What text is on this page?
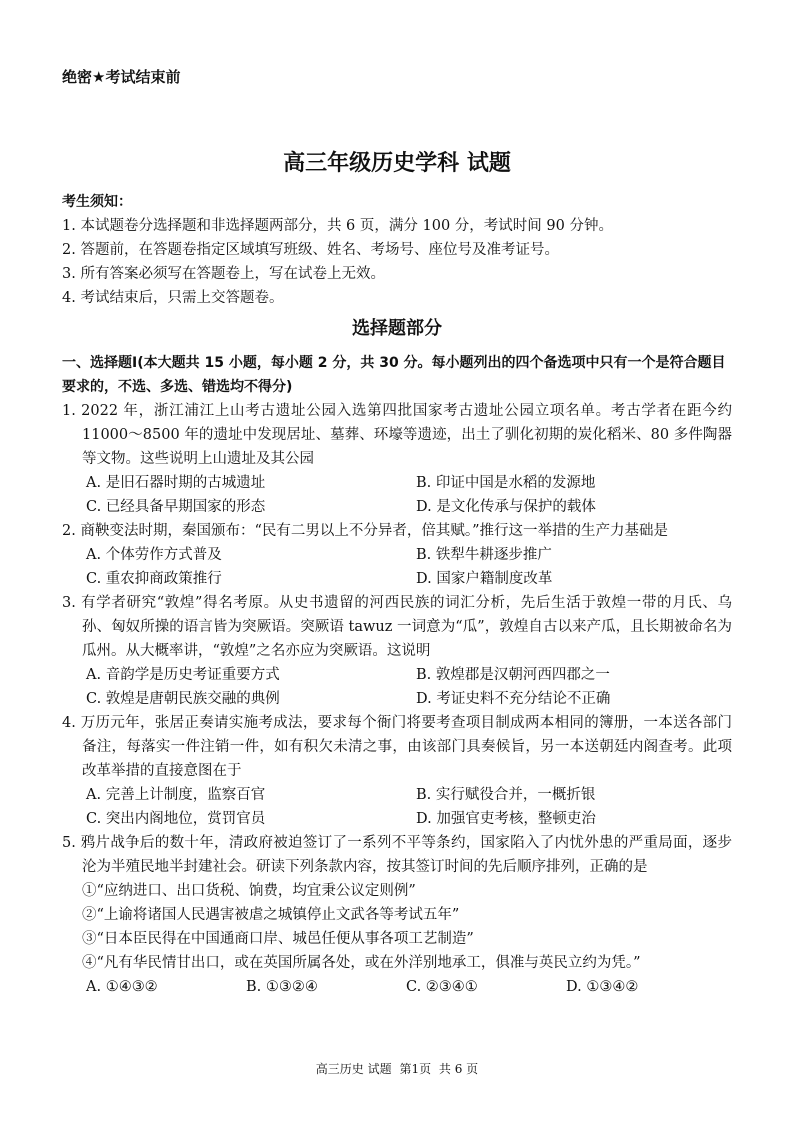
绝密★考试结束前
高三年级历史学科 试题
考生须知：
1. 本试题卷分选择题和非选择题两部分，共 6 页，满分 100 分，考试时间 90 分钟。
2. 答题前，在答题卷指定区域填写班级、姓名、考场号、座位号及准考证号。
3. 所有答案必须写在答题卷上，写在试卷上无效。
4. 考试结束后，只需上交答题卷。
选择题部分
一、选择题Ⅰ(本大题共 15 小题，每小题 2 分，共 30 分。每小题列出的四个备选项中只有一个是符合题目要求的，不选、多选、错选均不得分)
1. 2022 年，浙江浦江上山考古遗址公园入选第四批国家考古遗址公园立项名单。考古学者在距今约 11000～8500 年的遗址中发现居址、墓葬、环壕等遗迹，出土了驯化初期的炭化稻米、80 多件陶器等文物。这些说明上山遗址及其公园
A. 是旧石器时期的古城遗址	B. 印证中国是水稻的发源地
C. 已经具备早期国家的形态	D. 是文化传承与保护的载体
2. 商鞅变法时期，秦国颁布：“民有二男以上不分异者，倍其赋。”推行这一举措的生产力基础是
A. 个体劳作方式普及	B. 铁犁牛耕逐步推广
C. 重农抑商政策推行	D. 国家户籍制度改革
3. 有学者研究“敦煌”得名考原。从史书遗留的河西民族的词汇分析，先后生活于敦煌一带的月氏、乌孙、匈奴所操的语言皆为突厥语。突厥语 tawuz 一词意为“瓜”，敦煌自古以来产瓜，且长期被命名为瓜州。从大概率讲，“敦煌”之名亦应为突厥语。这说明
A. 音韵学是历史考证重要方式	B. 敦煌郡是汉朝河西四郡之一
C. 敦煌是唐朝民族交融的典例	D. 考证史料不充分结论不正确
4. 万历元年，张居正奏请实施考成法，要求每个衙门将要考查项目制成两本相同的簿册，一本送各部门备注，每落实一件注销一件，如有积欠未清之事，由该部门具奏候旨，另一本送朝廷内阁查考。此项改革举措的直接意图在于
A. 完善上计制度，监察百官	B. 实行赋役合并，一概折银
C. 突出内阁地位，赏罚官员	D. 加强官吏考核，整顿吏治
5. 鸦片战争后的数十年，清政府被迫签订了一系列不平等条约，国家陷入了内忧外患的严重局面，逐步沦为半殖民地半封建社会。研读下列条款内容，按其签订时间的先后顺序排列，正确的是
①“应纳进口、出口货税、饷费，均宜秉公议定则例”
②“上谕将诸国人民遇害被虐之城镇停止文武各等考试五年”
③“日本臣民得在中国通商口岸、城邑任便从事各项工艺制造”
④“凡有华民情甘出口，或在英国所属各处，或在外洋别地承工，俱准与英民立约为凭。”
A. ①④③②	B. ①③②④	C. ②③④①	D. ①③④②
高三历史 试题 第1页 共 6 页
